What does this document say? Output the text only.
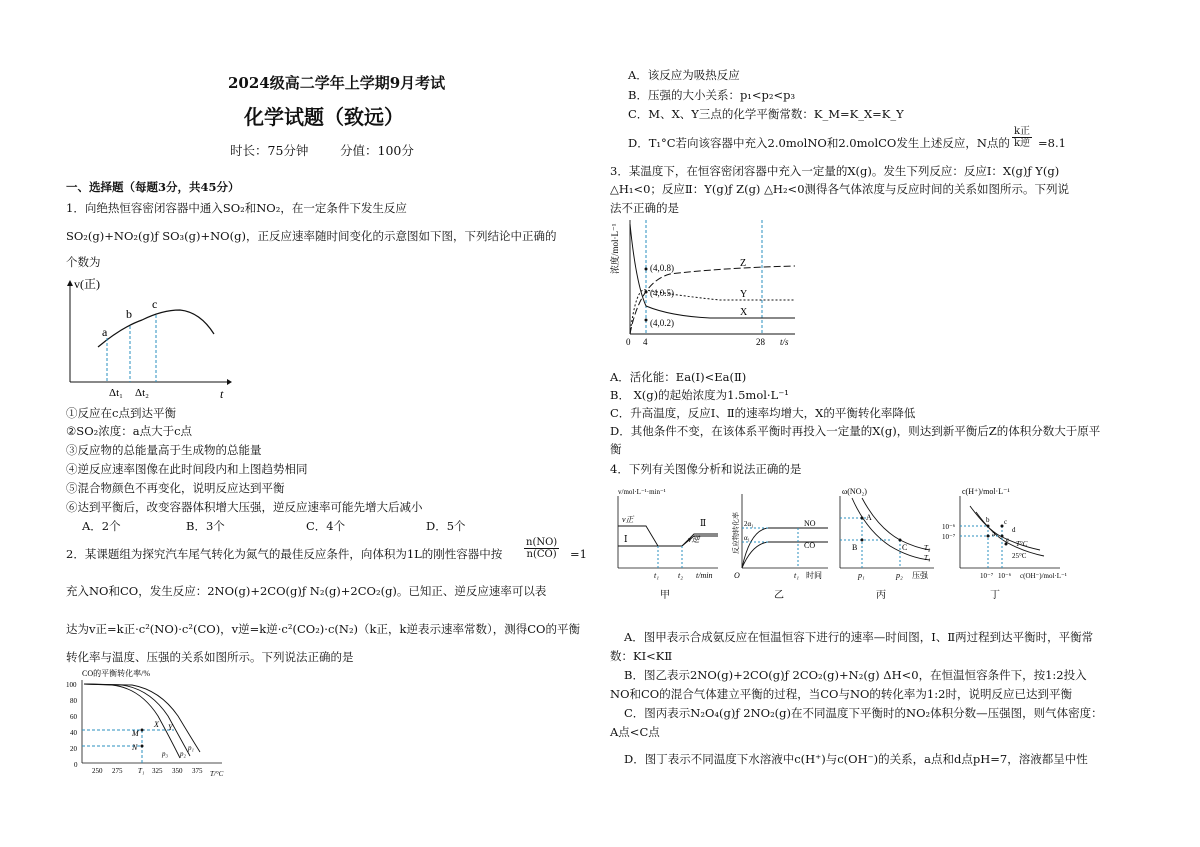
2024级高二学年上学期9月考试
化学试题（致远）
时长：75分钟	分值：100分
一、选择题（每题3分，共45分）
1．向绝热恒容密闭容器中通入SO₂和NO₂，在一定条件下发生反应
SO₂(g)+NO₂(g)ƒ SO₃(g)+NO(g)，正反应速率随时间变化的示意图如下图，下列结论中正确的
个数为
v(正)
t
a
b
c
Δt₁ Δt₂
①反应在c点到达平衡
②SO₂浓度：a点大于c点
③反应物的总能量高于生成物的总能量
④逆反应速率图像在此时间段内和上图趋势相同
⑤混合物颜色不再变化，说明反应达到平衡
⑥达到平衡后，改变容器体积增大压强，逆反应速率可能先增大后减小
A．2个	B．3个	C．4个	D．5个
2．某课题组为探究汽车尾气转化为氮气的最佳反应条件，向体积为1L的刚性容器中按 $\frac{n(NO)}{n(CO)} =1$
充入NO和CO，发生反应：2NO(g)+2CO(g)ƒ N₂(g)+2CO₂(g)。已知正、逆反应速率可以表
达为v正=k正·c²(NO)·c²(CO)，v逆=k逆·c²(CO₂)·c(N₂)（k正，k逆表示速率常数），测得CO的平衡
转化率与温度、压强的关系如图所示。下列说法正确的是
CO的平衡转化率/%
100
80
60
40
20
0
M
X Y
N	p₁
p₂
p₃
250 275 T₁ 325 350 375 T/°C
A．该反应为吸热反应
B．压强的大小关系：p₁<p₂<p₃
C．M、X、Y三点的化学平衡常数：K_M=K_X=K_Y
D．T₁°C若向该容器中充入2.0molNO和2.0molCO发生上述反应，N点的
k正
k逆 =8.1
3．某温度下，在恒容密闭容器中充入一定量的X(g)。发生下列反应：反应Ⅰ：X(g)ƒ Y(g)
△H₁<0；反应Ⅱ：Y(g)ƒ Z(g) △H₂<0测得各气体浓度与反应时间的关系如图所示。下列说
法不正确的是
浓度/mol·L⁻¹	(4,0.8)
(4,0.5)
(4,0.2)
Z
Y
X
0 4	28 t/s
A．活化能：Ea(Ⅰ)<Ea(Ⅱ)
B． X(g)的起始浓度为1.5mol·L⁻¹
C．升高温度，反应Ⅰ、Ⅱ的速率均增大，X的平衡转化率降低
D．其他条件不变，在该体系平衡时再投入一定量的X(g)，则达到新平衡后Z的体积分数大于原平
衡
4．下列有关图像分析和说法正确的是
v/mol·L⁻¹·min⁻¹
v正
v逆
Ⅰ
Ⅱ
t₁ t₂ t/min
甲
反应物转化率 2α₁
α₁
NO
CO
O	t₁ 时间
乙
ω(NO₂)
A
B	C T₂
T₁
p₁	p₂ 压强
丙
c(H⁺)/mol·L⁻¹
b c
a d
e T°C
25°C
10⁻⁶
10⁻⁷
10⁻⁷ 10⁻⁶ c(OH⁻)/mol·L⁻¹
丁
A．图甲表示合成氨反应在恒温恒容下进行的速率—时间图，Ⅰ、Ⅱ两过程到达平衡时，平衡常
数：KⅠ<KⅡ
B．图乙表示2NO(g)+2CO(g)ƒ 2CO₂(g)+N₂(g) ΔH<0，在恒温恒容条件下，按1:2投入
NO和CO的混合气体建立平衡的过程，当CO与NO的转化率为1:2时，说明反应已达到平衡
C．图丙表示N₂O₄(g)ƒ 2NO₂(g)在不同温度下平衡时的NO₂体积分数—压强图，则气体密度：
A点<C点
D．图丁表示不同温度下水溶液中c(H⁺)与c(OH⁻)的关系，a点和d点pH=7，溶液都呈中性
